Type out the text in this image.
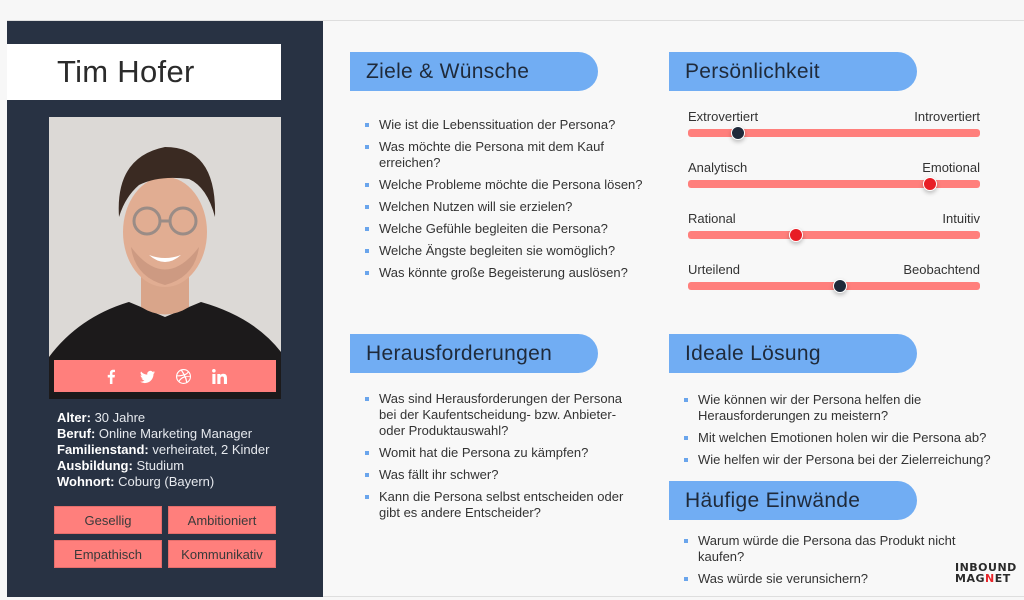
Tim Hofer
Alter: 30 Jahre
Beruf: Online Marketing Manager
Familienstand: verheiratet, 2 Kinder
Ausbildung: Studium
Wohnort: Coburg (Bayern)
Gesellig	Ambitioniert
Empathisch	Kommunikativ
Ziele & Wünsche
Wie ist die Lebenssituation der Persona?
Was möchte die Persona mit dem Kauf erreichen?
Welche Probleme möchte die Persona lösen?
Welchen Nutzen will sie erzielen?
Welche Gefühle begleiten die Persona?
Welche Ängste begleiten sie womöglich?
Was könnte große Begeisterung auslösen?
Herausforderungen
Was sind Herausforderungen der Persona bei der Kaufentscheidung- bzw. Anbieter- oder Produktauswahl?
Womit hat die Persona zu kämpfen?
Was fällt ihr schwer?
Kann die Persona selbst entscheiden oder gibt es andere Entscheider?
Persönlichkeit
Extrovertiert	Introvertiert
Analytisch	Emotional
Rational	Intuitiv
Urteilend	Beobachtend
Ideale Lösung
Wie können wir der Persona helfen die Herausforderungen zu meistern?
Mit welchen Emotionen holen wir die Persona ab?
Wie helfen wir der Persona bei der Zielerreichung?
Häufige Einwände
Warum würde die Persona das Produkt nicht kaufen?
Was würde sie verunsichern?
INBOUND
MAGNET
